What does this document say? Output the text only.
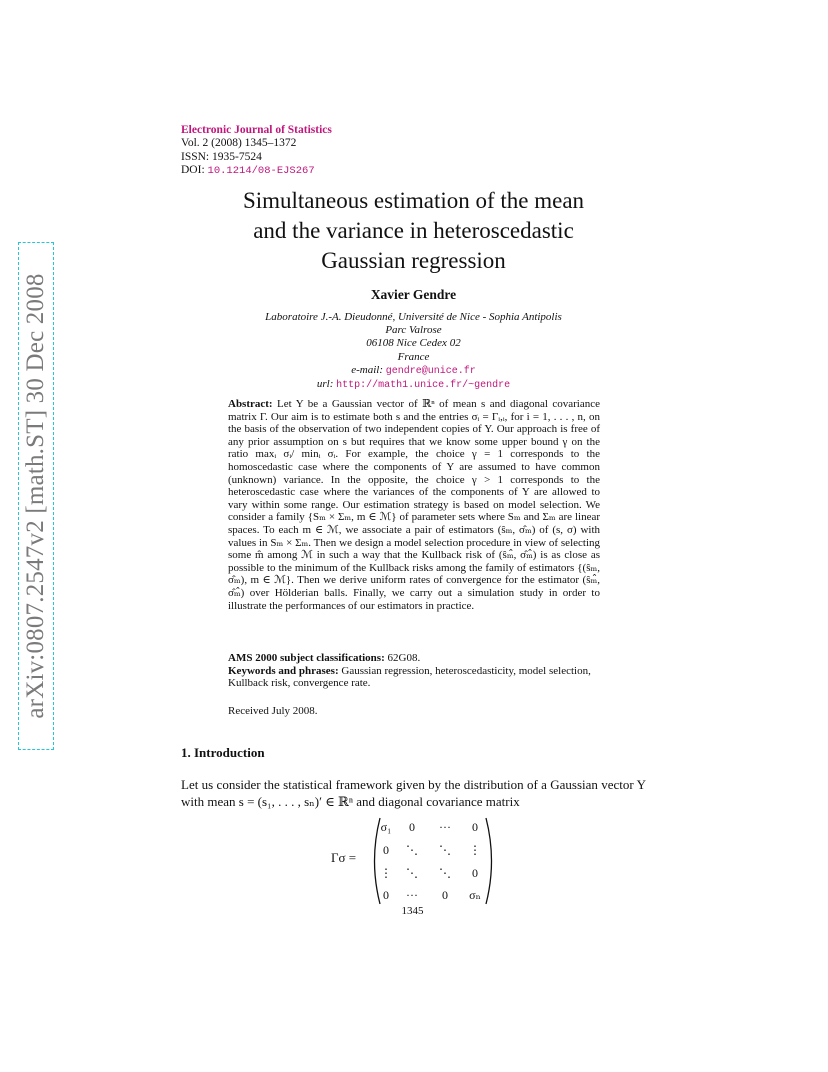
arXiv:0807.2547v2 [math.ST] 30 Dec 2008
Electronic Journal of Statistics
Vol. 2 (2008) 1345–1372
ISSN: 1935-7524
DOI: 10.1214/08-EJS267
Simultaneous estimation of the mean
and the variance in heteroscedastic
Gaussian regression
Xavier Gendre
Laboratoire J.-A. Dieudonné, Université de Nice - Sophia Antipolis
Parc Valrose
06108 Nice Cedex 02
France
e-mail: gendre@unice.fr
url: http://math1.unice.fr/~gendre
Abstract: Let Y be a Gaussian vector of ℝⁿ of mean s and diagonal covariance matrix Γ. Our aim is to estimate both s and the entries σᵢ = Γᵢ,ᵢ, for i = 1, . . . , n, on the basis of the observation of two independent copies of Y. Our approach is free of any prior assumption on s but requires that we know some upper bound γ on the ratio maxᵢ σᵢ/ minᵢ σᵢ. For example, the choice γ = 1 corresponds to the homoscedastic case where the components of Y are assumed to have common (unknown) variance. In the opposite, the choice γ > 1 corresponds to the heteroscedastic case where the variances of the components of Y are allowed to vary within some range. Our estimation strategy is based on model selection. We consider a family {Sₘ × Σₘ, m ∈ ℳ} of parameter sets where Sₘ and Σₘ are linear spaces. To each m ∈ ℳ, we associate a pair of estimators (ŝₘ, σ̂ₘ) of (s, σ) with values in Sₘ × Σₘ. Then we design a model selection procedure in view of selecting some m̂ among ℳ in such a way that the Kullback risk of (ŝₘ̂, σ̂ₘ̂) is as close as possible to the minimum of the Kullback risks among the family of estimators {(ŝₘ, σ̂ₘ), m ∈ ℳ}. Then we derive uniform rates of convergence for the estimator (ŝₘ̂, σ̂ₘ̂) over Hölderian balls. Finally, we carry out a simulation study in order to illustrate the performances of our estimators in practice.
AMS 2000 subject classifications: 62G08.
Keywords and phrases: Gaussian regression, heteroscedasticity, model selection, Kullback risk, convergence rate.
Received July 2008.
1. Introduction
Let us consider the statistical framework given by the distribution of a Gaussian vector Y with mean s = (s₁, . . . , sₙ)′ ∈ ℝⁿ and diagonal covariance matrix
Γσ =
σ₁ 0 ··· 0
0 ⋱ ⋱ ⋮
⋮ ⋱ ⋱ 0
0 ··· 0 σₙ
1345
